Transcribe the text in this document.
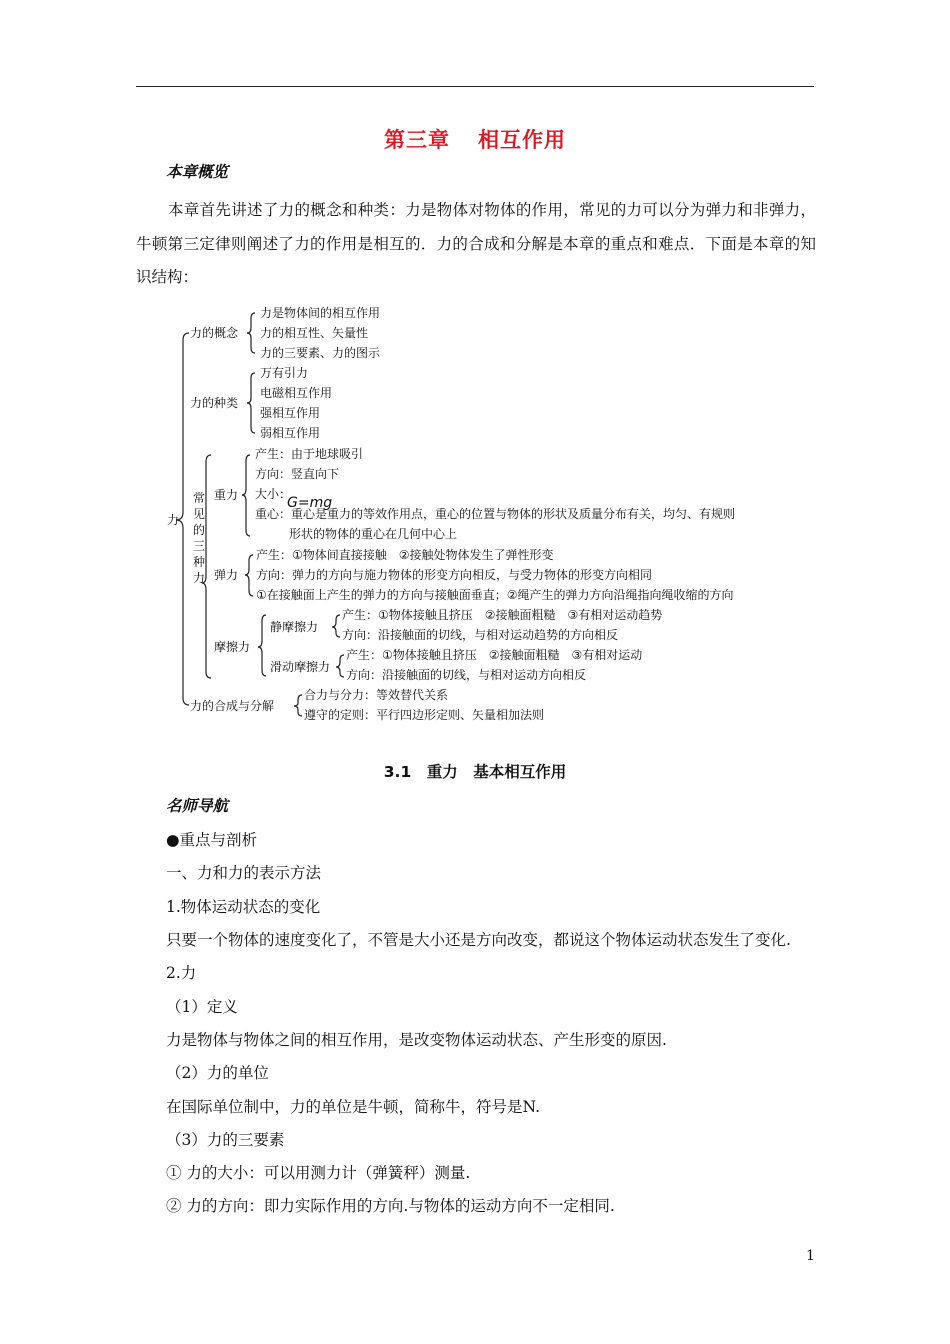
第三章 相互作用
本章概览
本章首先讲述了力的概念和种类：力是物体对物体的作用，常见的力可以分为弹力和非弹力，牛顿第三定律则阐述了力的作用是相互的．力的合成和分解是本章的重点和难点．下面是本章的知识结构：
力
力的概念
力是物体间的相互作用
力的相互性、矢量性
力的三要素、力的图示
力的种类
万有引力
电磁相互作用
强相互作用
弱相互作用
重力
产生：由于地球吸引
方向：竖直向下
大小：
G=mg
重心：重心是重力的等效作用点，重心的位置与物体的形状及质量分布有关，均匀、有规则
形状的物体的重心在几何中心上
弹力
产生：①物体间直接接触　②接触处物体发生了弹性形变
方向：弹力的方向与施力物体的形变方向相反，与受力物体的形变方向相同
①在接触面上产生的弹力的方向与接触面垂直；②绳产生的弹力方向沿绳指向绳收缩的方向
摩擦力
静摩擦力
产生：①物体接触且挤压　②接触面粗糙　③有相对运动趋势
方向：沿接触面的切线，与相对运动趋势的方向相反
滑动摩擦力
产生：①物体接触且挤压　②接触面粗糙　③有相对运动
方向：沿接触面的切线，与相对运动方向相反
力的合成与分解
合力与分力：等效替代关系
遵守的定则：平行四边形定则、矢量相加法则
常
见
的
三
种
力
3.1　重力　基本相互作用
名师导航
●重点与剖析
一、力和力的表示方法
1.物体运动状态的变化
只要一个物体的速度变化了，不管是大小还是方向改变，都说这个物体运动状态发生了变化.
2.力
（1）定义
力是物体与物体之间的相互作用，是改变物体运动状态、产生形变的原因.
（2）力的单位
在国际单位制中，力的单位是牛顿，简称牛，符号是N.
（3）力的三要素
① 力的大小：可以用测力计（弹簧秤）测量.
② 力的方向：即力实际作用的方向.与物体的运动方向不一定相同.
1
